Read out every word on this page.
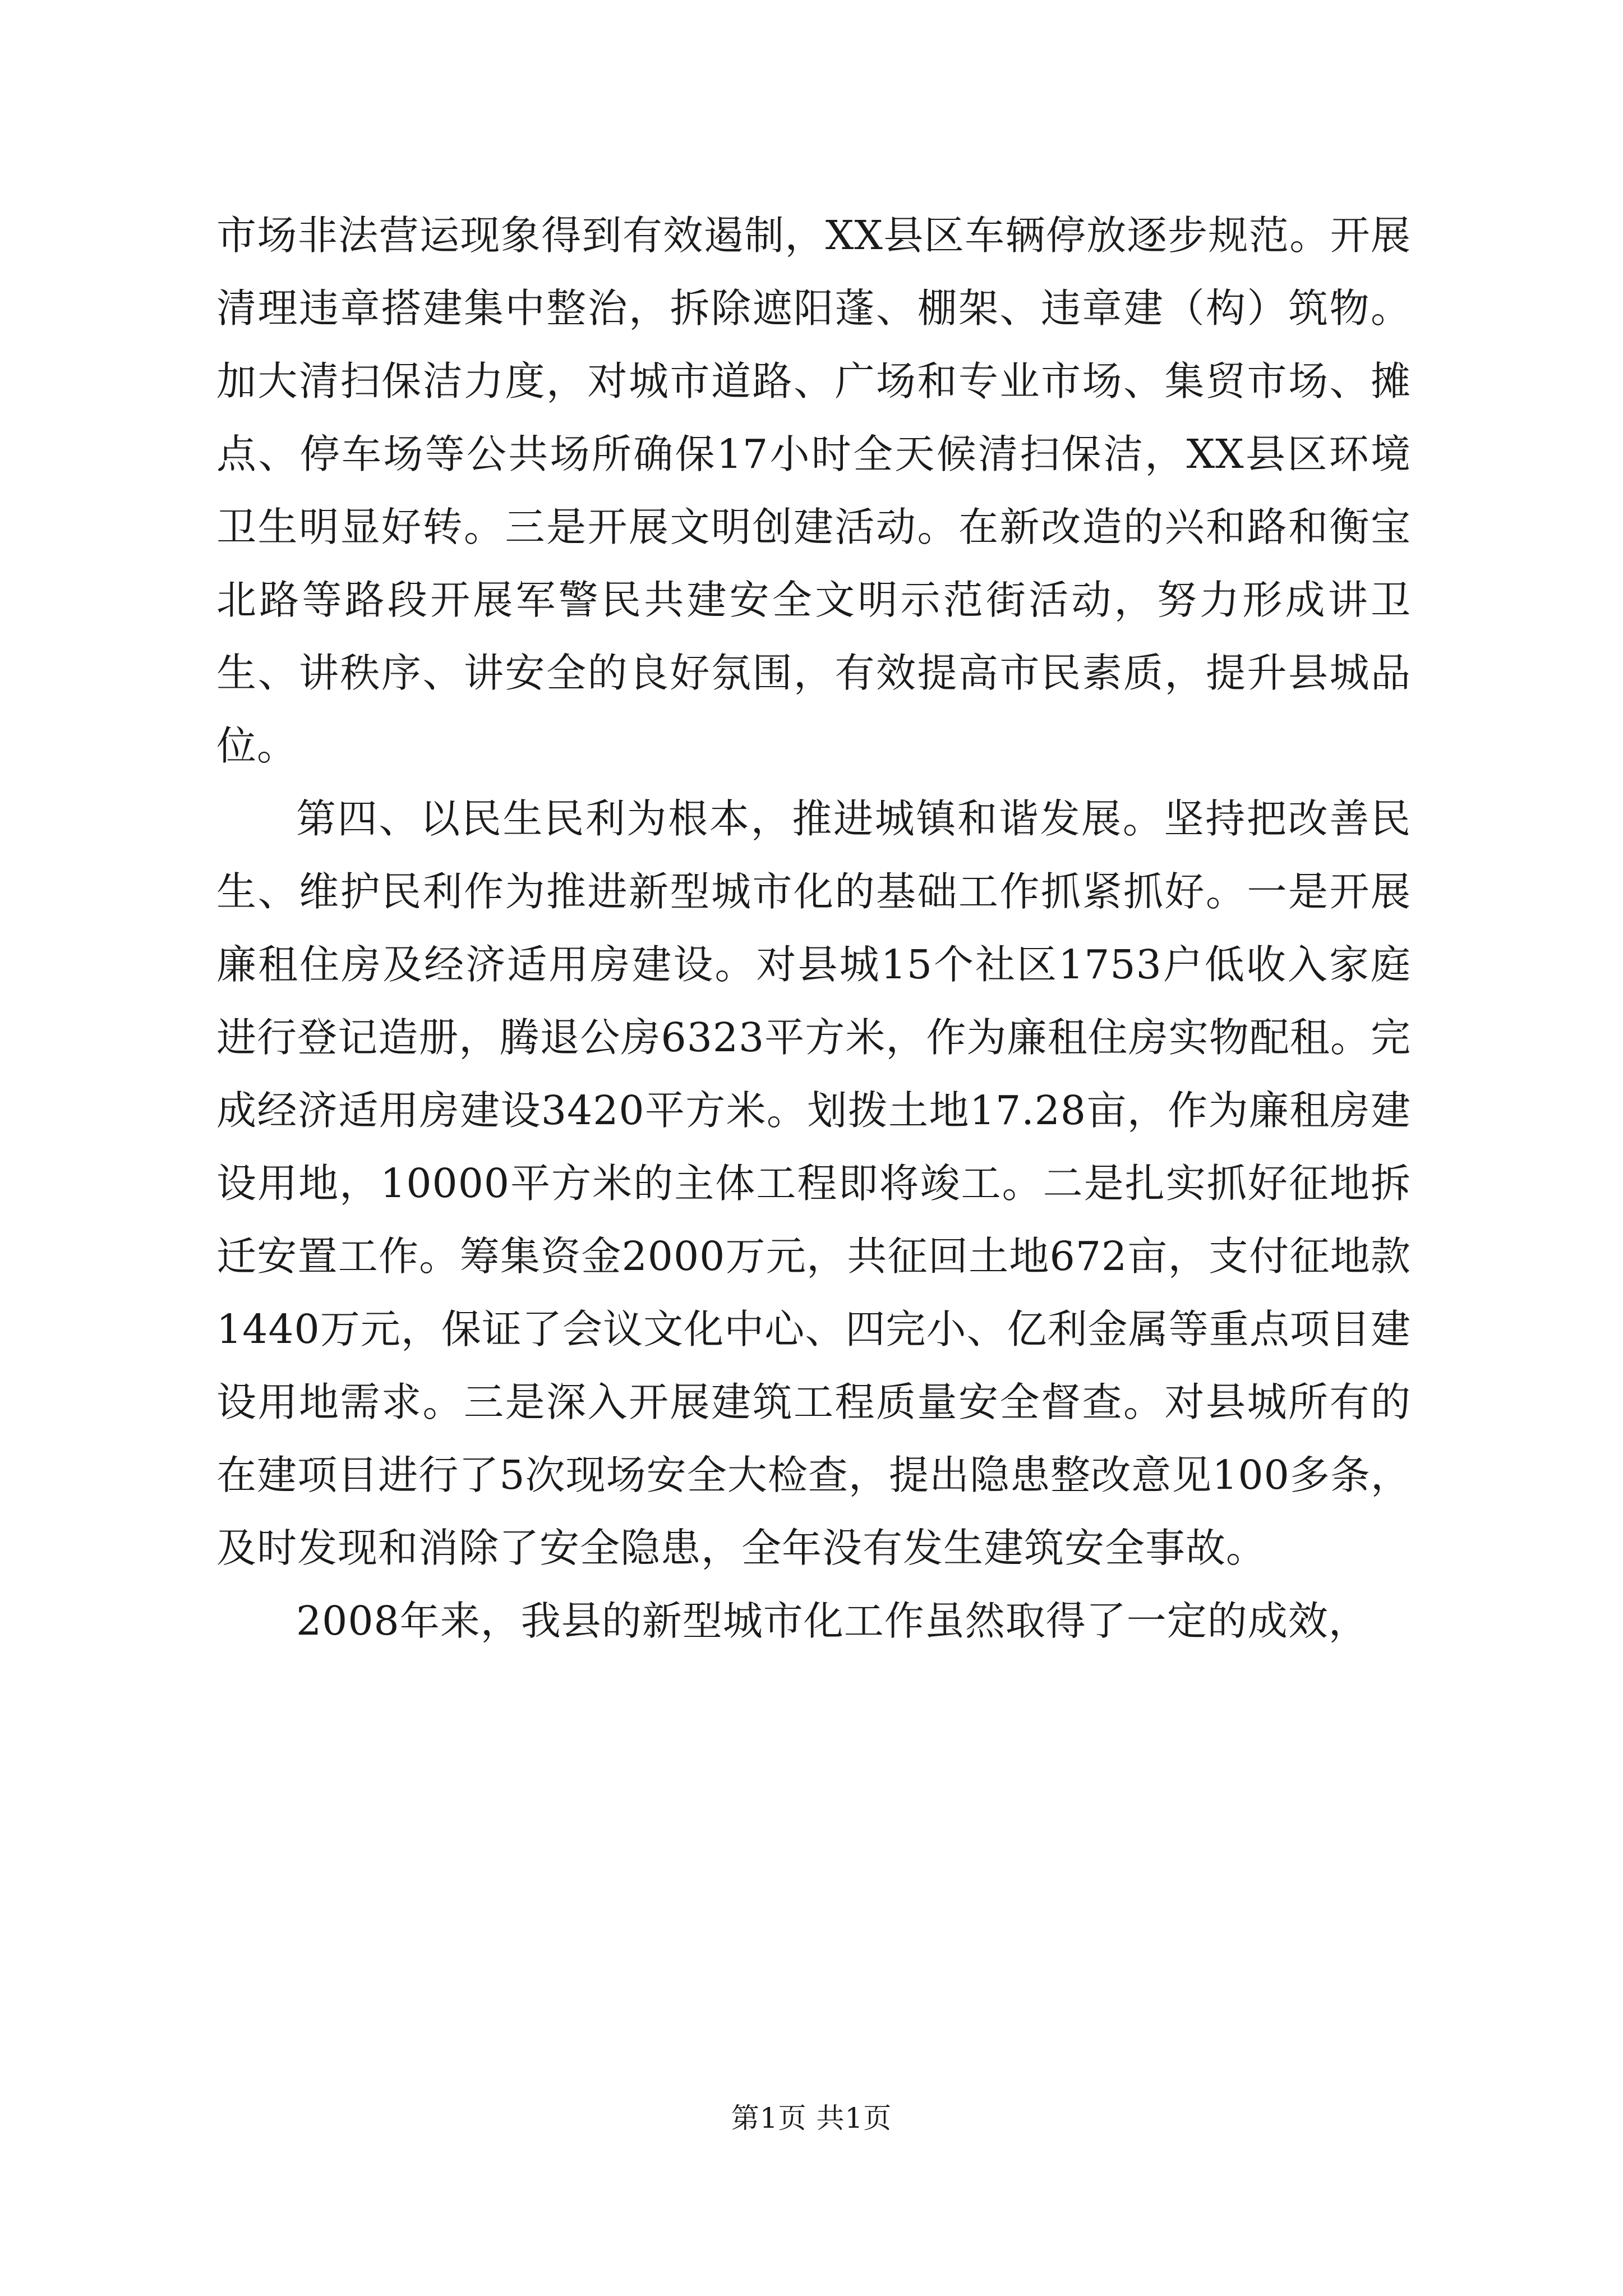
市场非法营运现象得到有效遏制，XX县区车辆停放逐步规范。开展清理违章搭建集中整治，拆除遮阳蓬、棚架、违章建（构）筑物。加大清扫保洁力度，对城市道路、广场和专业市场、集贸市场、摊点、停车场等公共场所确保17小时全天候清扫保洁，XX县区环境卫生明显好转。三是开展文明创建活动。在新改造的兴和路和衡宝北路等路段开展军警民共建安全文明示范街活动，努力形成讲卫生、讲秩序、讲安全的良好氛围，有效提高市民素质，提升县城品位。

第四、以民生民利为根本，推进城镇和谐发展。坚持把改善民生、维护民利作为推进新型城市化的基础工作抓紧抓好。一是开展廉租住房及经济适用房建设。对县城15个社区1753户低收入家庭进行登记造册，腾退公房6323平方米，作为廉租住房实物配租。完成经济适用房建设3420平方米。划拨土地17.28亩，作为廉租房建设用地，10000平方米的主体工程即将竣工。二是扎实抓好征地拆迁安置工作。筹集资金2000万元，共征回土地672亩，支付征地款1440万元，保证了会议文化中心、四完小、亿利金属等重点项目建设用地需求。三是深入开展建筑工程质量安全督查。对县城所有的在建项目进行了5次现场安全大检查，提出隐患整改意见100多条，及时发现和消除了安全隐患，全年没有发生建筑安全事故。

2008年来，我县的新型城市化工作虽然取得了一定的成效，

第1页 共1页
